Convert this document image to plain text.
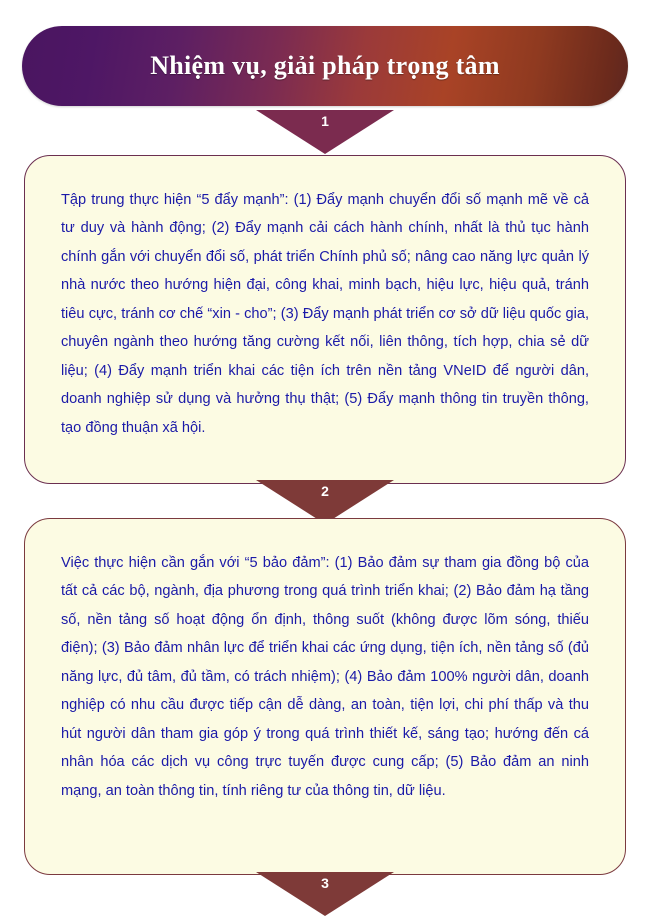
Nhiệm vụ, giải pháp trọng tâm
1

Tập trung thực hiện “5 đẩy mạnh”: (1) Đẩy mạnh chuyển đổi số mạnh mẽ về cả tư duy và hành động; (2) Đẩy mạnh cải cách hành chính, nhất là thủ tục hành chính gắn với chuyển đổi số, phát triển Chính phủ số; nâng cao năng lực quản lý nhà nước theo hướng hiện đại, công khai, minh bạch, hiệu lực, hiệu quả, tránh tiêu cực, tránh cơ chế “xin - cho”; (3) Đẩy mạnh phát triển cơ sở dữ liệu quốc gia, chuyên ngành theo hướng tăng cường kết nối, liên thông, tích hợp, chia sẻ dữ liệu; (4) Đẩy mạnh triển khai các tiện ích trên nền tảng VNeID để người dân, doanh nghiệp sử dụng và hưởng thụ thật; (5) Đẩy mạnh thông tin truyền thông, tạo đồng thuận xã hội.

2

Việc thực hiện cần gắn với “5 bảo đảm”: (1) Bảo đảm sự tham gia đồng bộ của tất cả các bộ, ngành, địa phương trong quá trình triển khai; (2) Bảo đảm hạ tầng số, nền tảng số hoạt động ổn định, thông suốt (không được lõm sóng, thiếu điện); (3) Bảo đảm nhân lực để triển khai các ứng dụng, tiện ích, nền tảng số (đủ năng lực, đủ tâm, đủ tầm, có trách nhiệm); (4) Bảo đảm 100% người dân, doanh nghiệp có nhu cầu được tiếp cận dễ dàng, an toàn, tiện lợi, chi phí thấp và thu hút người dân tham gia góp ý trong quá trình thiết kế, sáng tạo; hướng đến cá nhân hóa các dịch vụ công trực tuyến được cung cấp; (5) Bảo đảm an ninh mạng, an toàn thông tin, tính riêng tư của thông tin, dữ liệu.

3
